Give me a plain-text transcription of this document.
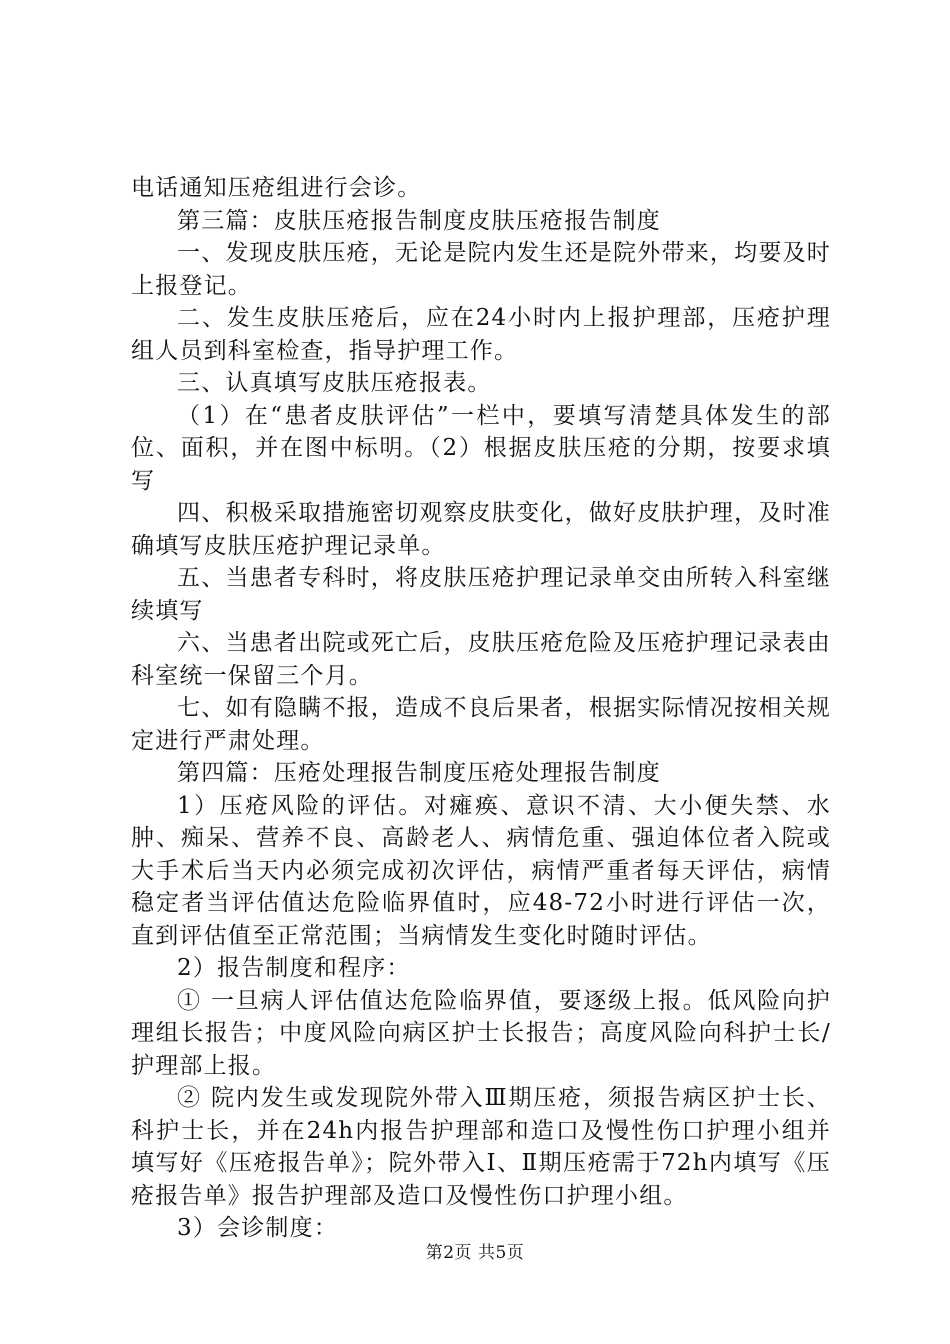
电话通知压疮组进行会诊。

第三篇：皮肤压疮报告制度皮肤压疮报告制度

一、发现皮肤压疮，无论是院内发生还是院外带来，均要及时上报登记。

二、发生皮肤压疮后，应在24小时内上报护理部，压疮护理组人员到科室检查，指导护理工作。

三、认真填写皮肤压疮报表。

（1）在“患者皮肤评估”一栏中，要填写清楚具体发生的部位、面积，并在图中标明。（2）根据皮肤压疮的分期，按要求填写

四、积极采取措施密切观察皮肤变化，做好皮肤护理，及时准确填写皮肤压疮护理记录单。

五、当患者专科时，将皮肤压疮护理记录单交由所转入科室继续填写

六、当患者出院或死亡后，皮肤压疮危险及压疮护理记录表由科室统一保留三个月。

七、如有隐瞒不报，造成不良后果者，根据实际情况按相关规定进行严肃处理。

第四篇：压疮处理报告制度压疮处理报告制度

1）压疮风险的评估。对瘫痪、意识不清、大小便失禁、水肿、痴呆、营养不良、高龄老人、病情危重、强迫体位者入院或大手术后当天内必须完成初次评估，病情严重者每天评估，病情稳定者当评估值达危险临界值时，应48-72小时进行评估一次，直到评估值至正常范围；当病情发生变化时随时评估。

2）报告制度和程序：

① 一旦病人评估值达危险临界值，要逐级上报。低风险向护理组长报告；中度风险向病区护士长报告；高度风险向科护士长/护理部上报。

② 院内发生或发现院外带入Ⅲ期压疮，须报告病区护士长、科护士长，并在24h内报告护理部和造口及慢性伤口护理小组并填写好《压疮报告单》；院外带入Ⅰ、Ⅱ期压疮需于72h内填写《压疮报告单》报告护理部及造口及慢性伤口护理小组。

3）会诊制度：

第2页 共5页
